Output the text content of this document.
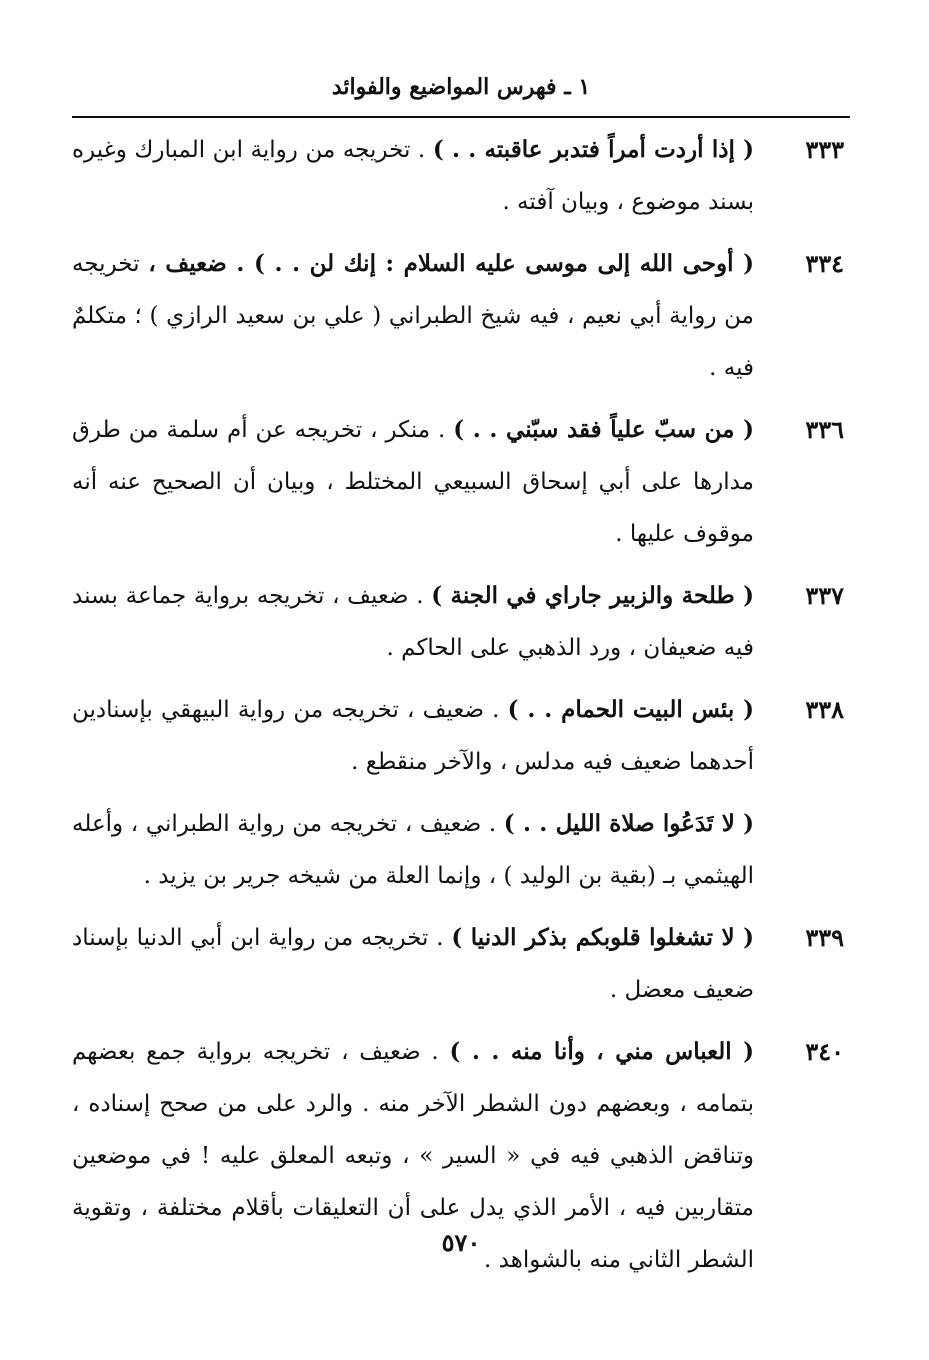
١ ـ فهرس المواضيع والفوائد
٣٣٣
( إذا أردت أمراً فتدبر عاقبته . . ) . تخريجه من رواية ابن المبارك وغيره بسند موضوع ، وبيان آفته .
٣٣٤
( أوحى الله إلى موسى عليه السلام : إنك لن . . ) . ضعيف ، تخريجه من رواية أبي نعيم ، فيه شيخ الطبراني ( علي بن سعيد الرازي ) ؛ متكلمٌ فيه .
٣٣٦
( من سبّ علياً فقد سبّني . . ) . منكر ، تخريجه عن أم سلمة من طرق مدارها على أبي إسحاق السبيعي المختلط ، وبيان أن الصحيح عنه أنه موقوف عليها .
٣٣٧
( طلحة والزبير جاراي في الجنة ) . ضعيف ، تخريجه برواية جماعة بسند فيه ضعيفان ، ورد الذهبي على الحاكم .
٣٣٨
( بئس البيت الحمام . . ) . ضعيف ، تخريجه من رواية البيهقي بإسنادين أحدهما ضعيف فيه مدلس ، والآخر منقطع .
( لا تَدَعُوا صلاة الليل . . ) . ضعيف ، تخريجه من رواية الطبراني ، وأعله الهيثمي بـ (بقية بن الوليد ) ، وإنما العلة من شيخه جرير بن يزيد .
٣٣٩
( لا تشغلوا قلوبكم بذكر الدنيا ) . تخريجه من رواية ابن أبي الدنيا بإسناد ضعيف معضل .
٣٤٠
( العباس مني ، وأنا منه . . ) . ضعيف ، تخريجه برواية جمع بعضهم بتمامه ، وبعضهم دون الشطر الآخر منه . والرد على من صحح إسناده ، وتناقض الذهبي فيه في « السير » ، وتبعه المعلق عليه ! في موضعين متقاربين فيه ، الأمر الذي يدل على أن التعليقات بأقلام مختلفة ، وتقوية الشطر الثاني منه بالشواهد .
٥٧٠
